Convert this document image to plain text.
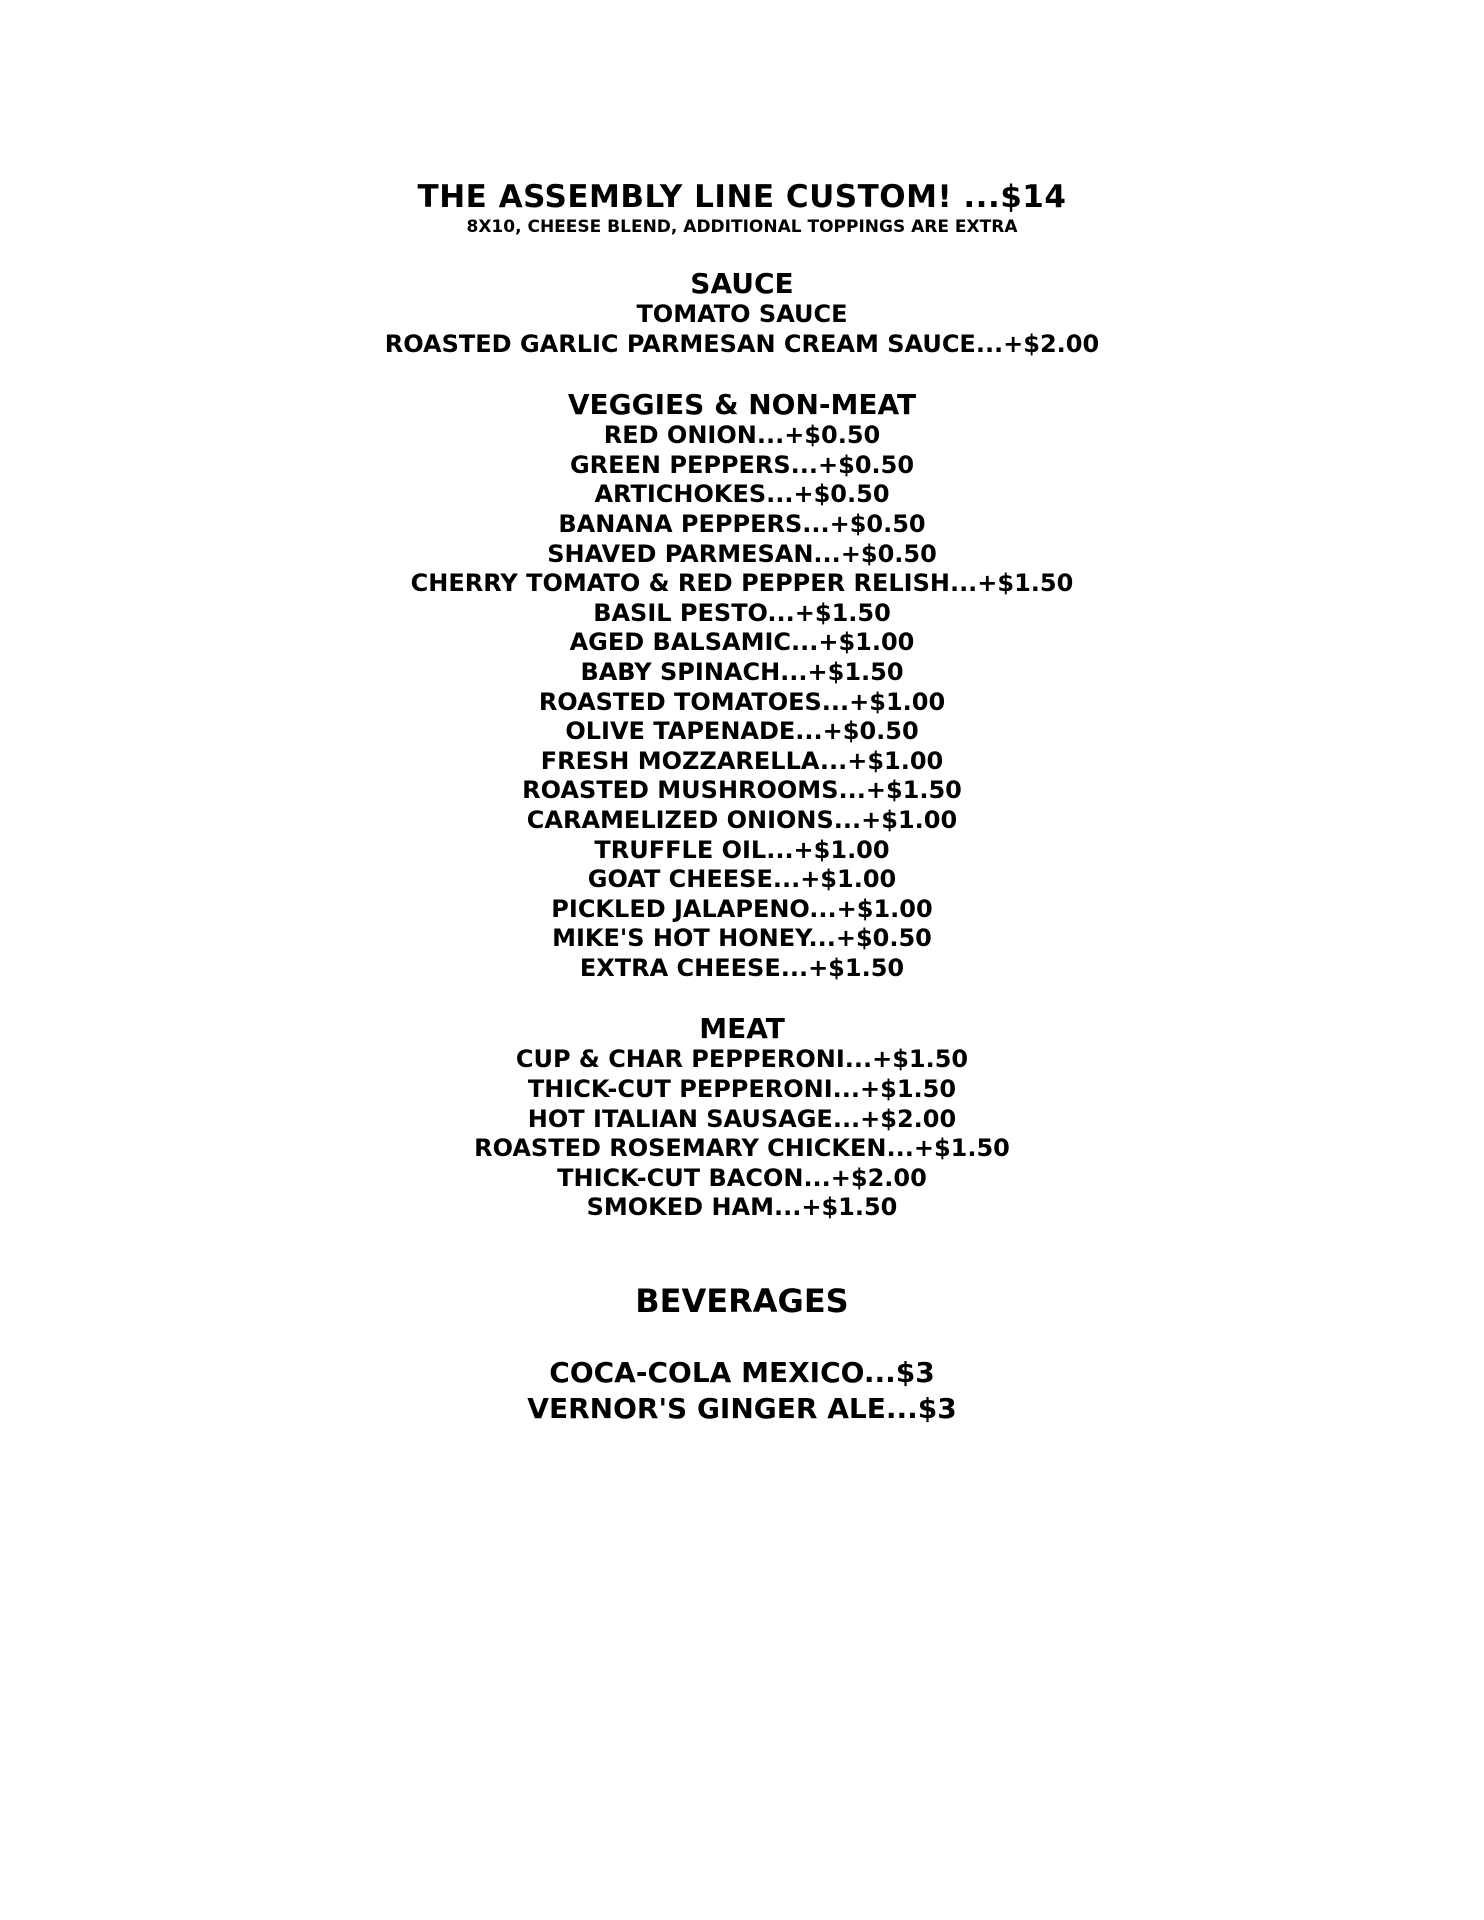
THE ASSEMBLY LINE CUSTOM! ...$14
8X10, CHEESE BLEND, ADDITIONAL TOPPINGS ARE EXTRA
SAUCE
TOMATO SAUCE
ROASTED GARLIC PARMESAN CREAM SAUCE...+$2.00
VEGGIES & NON-MEAT
RED ONION...+$0.50
GREEN PEPPERS...+$0.50
ARTICHOKES...+$0.50
BANANA PEPPERS...+$0.50
SHAVED PARMESAN...+$0.50
CHERRY TOMATO & RED PEPPER RELISH...+$1.50
BASIL PESTO...+$1.50
AGED BALSAMIC...+$1.00
BABY SPINACH...+$1.50
ROASTED TOMATOES...+$1.00
OLIVE TAPENADE...+$0.50
FRESH MOZZARELLA...+$1.00
ROASTED MUSHROOMS...+$1.50
CARAMELIZED ONIONS...+$1.00
TRUFFLE OIL...+$1.00
GOAT CHEESE...+$1.00
PICKLED JALAPENO...+$1.00
MIKE'S HOT HONEY...+$0.50
EXTRA CHEESE...+$1.50
MEAT
CUP & CHAR PEPPERONI...+$1.50
THICK-CUT PEPPERONI...+$1.50
HOT ITALIAN SAUSAGE...+$2.00
ROASTED ROSEMARY CHICKEN...+$1.50
THICK-CUT BACON...+$2.00
SMOKED HAM...+$1.50
BEVERAGES
COCA-COLA MEXICO...$3
VERNOR'S GINGER ALE...$3
